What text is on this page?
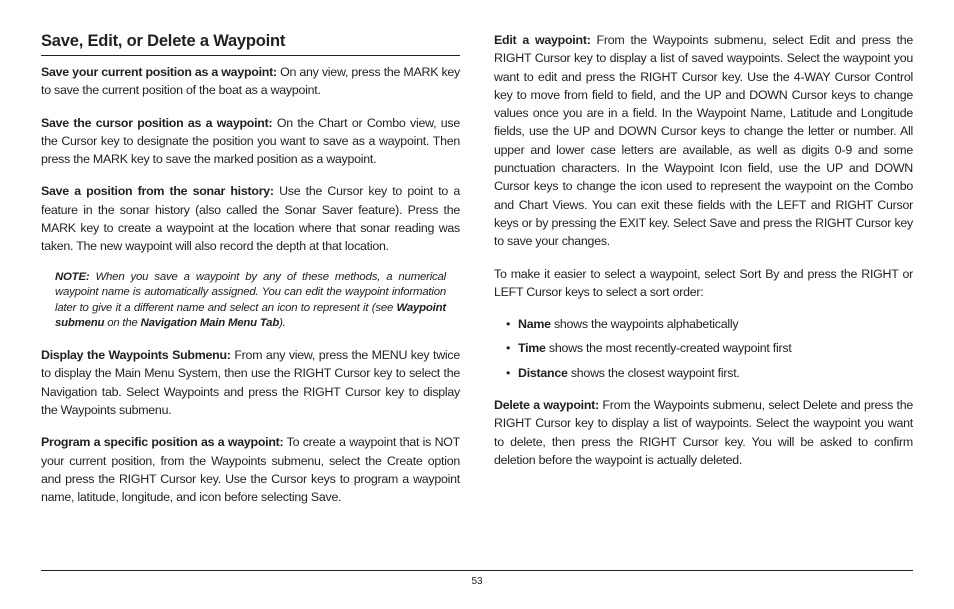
Save, Edit, or Delete a Waypoint

Save your current position as a waypoint: On any view, press the MARK key to save the current position of the boat as a waypoint.

Save the cursor position as a waypoint: On the Chart or Combo view, use the Cursor key to designate the position you want to save as a waypoint. Then press the MARK key to save the marked position as a waypoint.

Save a position from the sonar history: Use the Cursor key to point to a feature in the sonar history (also called the Sonar Saver feature). Press the MARK key to create a waypoint at the location where that sonar reading was taken. The new waypoint will also record the depth at that location.

NOTE: When you save a waypoint by any of these methods, a numerical waypoint name is automatically assigned. You can edit the waypoint information later to give it a different name and select an icon to represent it (see Waypoint submenu on the Navigation Main Menu Tab).

Display the Waypoints Submenu: From any view, press the MENU key twice to display the Main Menu System, then use the RIGHT Cursor key to select the Navigation tab. Select Waypoints and press the RIGHT Cursor key to display the Waypoints submenu.

Program a specific position as a waypoint: To create a waypoint that is NOT your current position, from the Waypoints submenu, select the Create option and press the RIGHT Cursor key. Use the Cursor keys to program a waypoint name, latitude, longitude, and icon before selecting Save.

Edit a waypoint: From the Waypoints submenu, select Edit and press the RIGHT Cursor key to display a list of saved waypoints. Select the waypoint you want to edit and press the RIGHT Cursor key. Use the 4-WAY Cursor Control key to move from field to field, and the UP and DOWN Cursor keys to change values once you are in a field. In the Waypoint Name, Latitude and Longitude fields, use the UP and DOWN Cursor keys to change the letter or number. All upper and lower case letters are available, as well as digits 0-9 and some punctuation characters. In the Waypoint Icon field, use the UP and DOWN Cursor keys to change the icon used to represent the waypoint on the Combo and Chart Views. You can exit these fields with the LEFT and RIGHT Cursor keys or by pressing the EXIT key. Select Save and press the RIGHT Cursor key to save your changes.

To make it easier to select a waypoint, select Sort By and press the RIGHT or LEFT Cursor keys to select a sort order:

• Name shows the waypoints alphabetically
• Time shows the most recently-created waypoint first
• Distance shows the closest waypoint first.

Delete a waypoint: From the Waypoints submenu, select Delete and press the RIGHT Cursor key to display a list of waypoints. Select the waypoint you want to delete, then press the RIGHT Cursor key. You will be asked to confirm deletion before the waypoint is actually deleted.

53
